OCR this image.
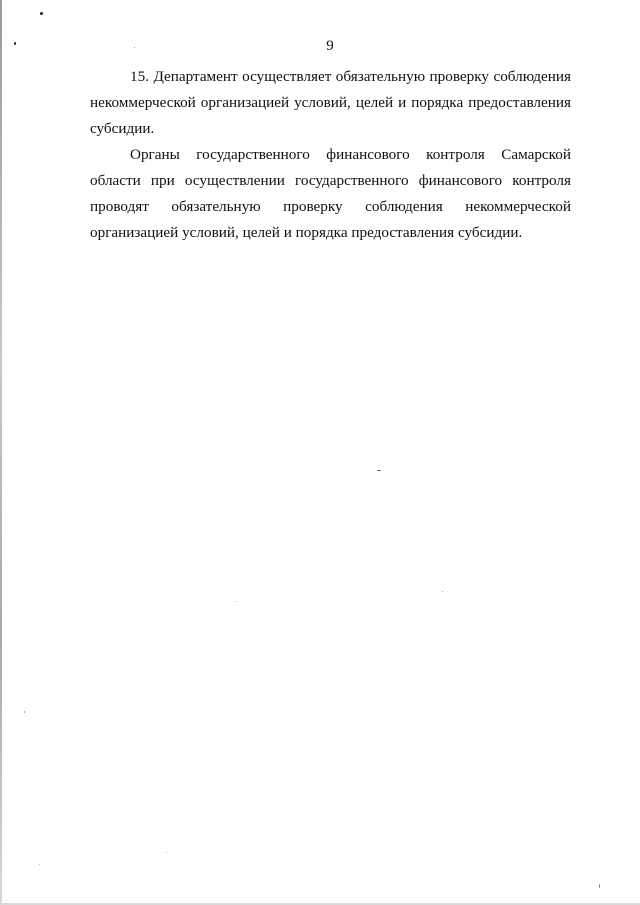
9

15. Департамент осуществляет обязательную проверку соблюдения некоммерческой организацией условий, целей и порядка предоставления субсидии.

Органы государственного финансового контроля Самарской области при осуществлении государственного финансового контроля проводят обязательную проверку соблюдения некоммерческой организацией условий, целей и порядка предоставления субсидии.
